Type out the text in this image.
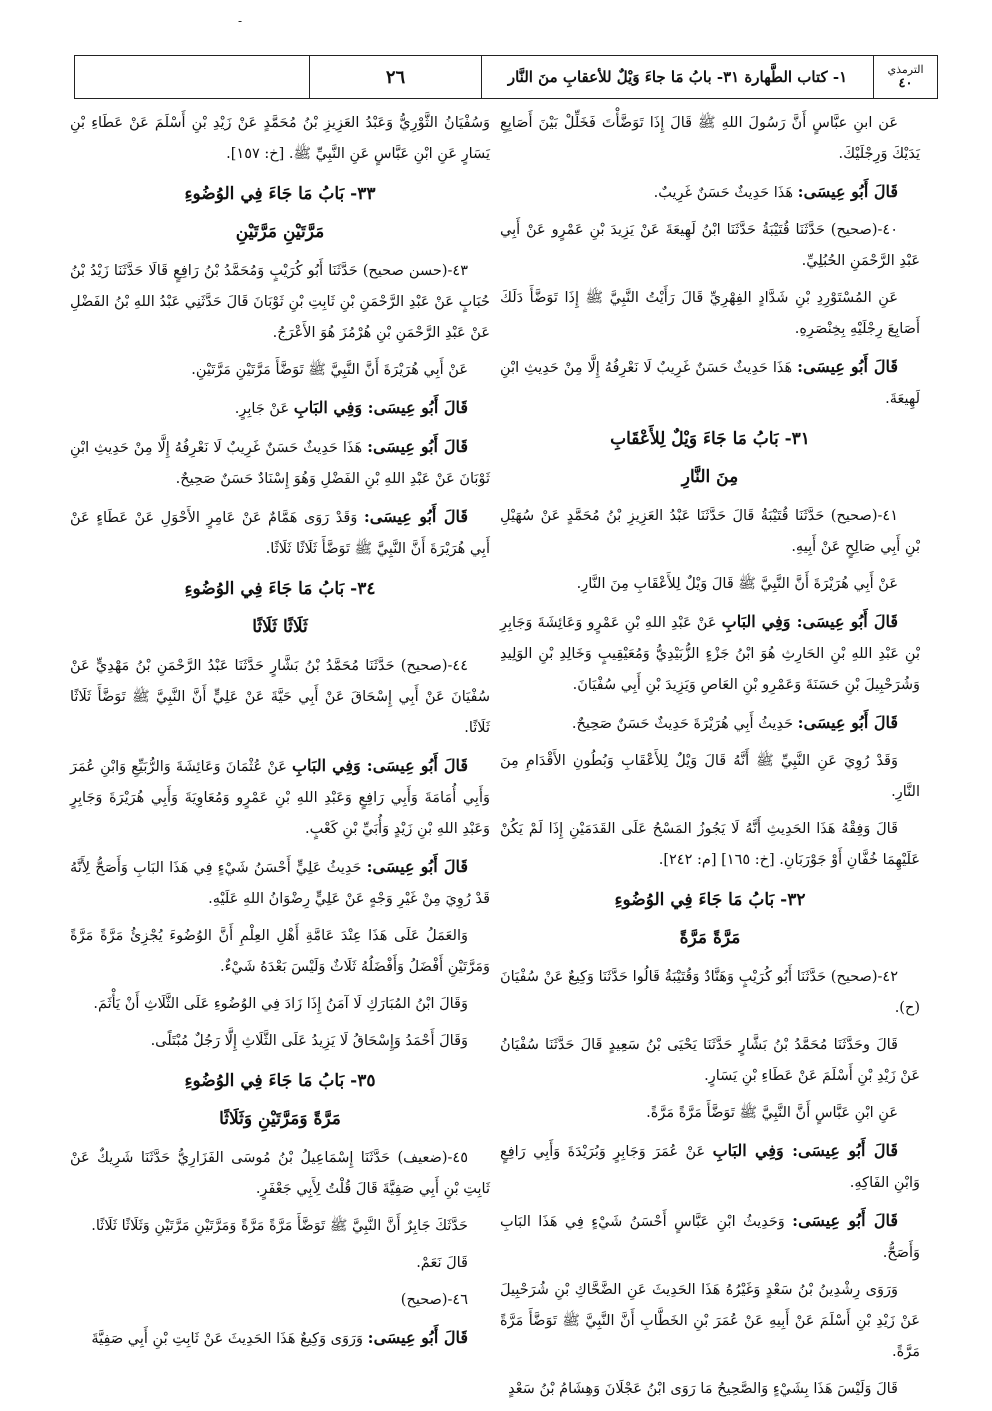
-
الترمذي
٤٠
١- كتاب الطَّهارة ٣١- بابُ مَا جاءَ وَيْلٌ للأعقابِ منَ النَّار
٢٦

عَن ابنِ عبَّاسٍ أَنَّ رَسُولَ اللهِ ﷺ قَالَ إِذَا تَوَضَّأْتَ فَخَلِّلْ بَيْنَ أَصَابِعِ يَدَيْكَ وَرِجْلَيْكَ.

قَالَ أَبُو عِيسَى: هَذَا حَدِيثٌ حَسَنٌ غَرِيبٌ.

٤٠-(صحيح) حَدَّثَنَا قُتَيْبَةُ حَدَّثَنَا ابْنُ لَهِيعَةَ عَنْ يَزِيدَ بْنِ عَمْرٍو عَنْ أَبِي عَبْدِ الرَّحْمَنِ الحُبُلِيِّ.

عَنِ المُسْتَوْرِدِ بْنِ شَدَّادٍ الفِهْرِيِّ قَالَ رَأَيْتُ النَّبِيَّ ﷺ إِذَا تَوَضَّأَ دَلَكَ أَصَابِعَ رِجْلَيْهِ بِخِنْصَرِهِ.

قَالَ أَبُو عِيسَى: هَذَا حَدِيثٌ حَسَنٌ غَرِيبٌ لَا نَعْرِفُهُ إِلَّا مِنْ حَدِيثِ ابْنِ لَهِيعَةَ.

٣١- بَابُ مَا جَاءَ وَيْلٌ لِلأَعْقَابِ
مِنَ النَّارِ

٤١-(صحيح) حَدَّثَنَا قُتَيْبَةُ قَالَ حَدَّثَنَا عَبْدُ العَزِيزِ بْنُ مُحَمَّدٍ عَنْ سُهَيْلِ بْنِ أَبِي صَالِحٍ عَنْ أَبِيهِ.

عَنْ أَبِي هُرَيْرَةَ أَنَّ النَّبِيَّ ﷺ قَالَ وَيْلٌ لِلأَعْقَابِ مِنَ النَّارِ.

قَالَ أَبُو عِيسَى: وَفِي البَابِ عَنْ عَبْدِ اللهِ بْنِ عَمْرٍو وَعَائِشَةَ وَجَابِرِ بْنِ عَبْدِ اللهِ بْنِ الحَارِثِ هُوَ ابْنُ جَزْءٍ الزُّبَيْدِيُّ وَمُعَيْقِيبٍ وَخَالِدِ بْنِ الوَلِيدِ وَشُرَحْبِيلَ بْنِ حَسَنَةَ وَعَمْرِو بْنِ العَاصِ وَيَزِيدَ بْنِ أَبِي سُفْيَانَ.

قَالَ أَبُو عِيسَى: حَدِيثُ أَبِي هُرَيْرَةَ حَدِيثٌ حَسَنٌ صَحِيحٌ.

وَقَدْ رُوِيَ عَنِ النَّبِيِّ ﷺ أَنَّهُ قَالَ وَيْلٌ لِلأَعْقَابِ وَبُطُونِ الأَقْدَامِ مِنَ النَّارِ.

قَالَ وَفِقْهُ هَذَا الحَدِيثِ أَنَّهُ لَا يَجُوزُ المَسْحُ عَلَى القَدَمَيْنِ إِذَا لَمْ يَكُنْ عَلَيْهِمَا خُفَّانِ أَوْ جَوْرَبَانِ. [خ: ١٦٥] [م: ٢٤٢].

٣٢- بَابُ مَا جَاءَ فِي الوُضُوءِ
مَرَّةً مَرَّةً

٤٢-(صحيح) حَدَّثَنَا أَبُو كُرَيْبٍ وَهَنَّادٌ وَقُتَيْبَةُ قَالُوا حَدَّثَنَا وَكِيعٌ عَنْ سُفْيَانَ (ح).

قَالَ وحَدَّثَنَا مُحَمَّدُ بْنُ بَشَّارٍ حَدَّثَنَا يَحْيَى بْنُ سَعِيدٍ قَالَ حَدَّثَنَا سُفْيَانُ عَنْ زَيْدِ بْنِ أَسْلَمَ عَنْ عَطَاءِ بْنِ يَسَارٍ.

عَنِ ابْنِ عَبَّاسٍ أَنَّ النَّبِيَّ ﷺ تَوَضَّأَ مَرَّةً مَرَّةً.

قَالَ أَبُو عِيسَى: وَفِي البَابِ عَنْ عُمَرَ وَجَابِرٍ وَبُرَيْدَةَ وَأَبِي رَافِعٍ وَابْنِ الفَاكِهِ.

قَالَ أَبُو عِيسَى: وَحَدِيثُ ابْنِ عَبَّاسٍ أَحْسَنُ شَيْءٍ فِي هَذَا البَابِ وَأَصَحُّ.

وَرَوَى رِشْدِينُ بْنُ سَعْدٍ وَغَيْرُهُ هَذَا الحَدِيثَ عَنِ الضَّحَّاكِ بْنِ شُرَحْبِيلَ عَنْ زَيْدِ بْنِ أَسْلَمَ عَنْ أَبِيهِ عَنْ عُمَرَ بْنِ الخَطَّابِ أَنَّ النَّبِيَّ ﷺ تَوَضَّأَ مَرَّةً مَرَّةً.

قَالَ وَلَيْسَ هَذَا بِشَيْءٍ وَالصَّحِيحُ مَا رَوَى ابْنُ عَجْلَانَ وَهِشَامُ بْنُ سَعْدٍ

وَسُفْيَانُ الثَّوْرِيُّ وَعَبْدُ العَزِيزِ بْنُ مُحَمَّدٍ عَنْ زَيْدِ بْنِ أَسْلَمَ عَنْ عَطَاءِ بْنِ يَسَارٍ عَنِ ابْنِ عَبَّاسٍ عَنِ النَّبِيِّ ﷺ. [خ: ١٥٧].

٣٣- بَابُ مَا جَاءَ فِي الوُضُوءِ
مَرَّتَيْنِ مَرَّتَيْنِ

٤٣-(حسن صحيح) حَدَّثَنَا أَبُو كُرَيْبٍ وَمُحَمَّدُ بْنُ رَافِعٍ قَالَا حَدَّثَنَا زَيْدُ بْنُ حُبَابٍ عَنْ عَبْدِ الرَّحْمَنِ بْنِ ثَابِتِ بْنِ ثَوْبَانَ قَالَ حَدَّثَنِي عَبْدُ اللهِ بْنُ الفَضْلِ عَنْ عَبْدِ الرَّحْمَنِ بْنِ هُرْمُزَ هُوَ الأَعْرَجُ.

عَنْ أَبِي هُرَيْرَةَ أَنَّ النَّبِيَّ ﷺ تَوَضَّأَ مَرَّتَيْنِ مَرَّتَيْنِ.

قَالَ أَبُو عِيسَى: وَفِي البَابِ عَنْ جَابِرٍ.

قَالَ أَبُو عِيسَى: هَذَا حَدِيثٌ حَسَنٌ غَرِيبٌ لَا نَعْرِفُهُ إِلَّا مِنْ حَدِيثِ ابْنِ ثَوْبَانَ عَنْ عَبْدِ اللهِ بْنِ الفَضْلِ وَهُوَ إِسْنَادٌ حَسَنٌ صَحِيحٌ.

قَالَ أَبُو عِيسَى: وَقَدْ رَوَى هَمَّامٌ عَنْ عَامِرٍ الأَحْوَلِ عَنْ عَطَاءٍ عَنْ أَبِي هُرَيْرَةَ أَنَّ النَّبِيَّ ﷺ تَوَضَّأَ ثَلَاثًا ثَلَاثًا.

٣٤- بَابُ مَا جَاءَ فِي الوُضُوءِ
ثَلَاثًا ثَلَاثًا

٤٤-(صحيح) حَدَّثَنَا مُحَمَّدُ بْنُ بَشَّارٍ حَدَّثَنَا عَبْدُ الرَّحْمَنِ بْنُ مَهْدِيٍّ عَنْ سُفْيَانَ عَنْ أَبِي إِسْحَاقَ عَنْ أَبِي حَيَّةَ عَنْ عَلِيٍّ أَنَّ النَّبِيَّ ﷺ تَوَضَّأَ ثَلَاثًا ثَلَاثًا.

قَالَ أَبُو عِيسَى: وَفِي البَابِ عَنْ عُثْمَانَ وَعَائِشَةَ وَالرُّبَيِّعِ وَابْنِ عُمَرَ وَأَبِي أُمَامَةَ وَأَبِي رَافِعٍ وَعَبْدِ اللهِ بْنِ عَمْرٍو وَمُعَاوِيَةَ وَأَبِي هُرَيْرَةَ وَجَابِرٍ وَعَبْدِ اللهِ بْنِ زَيْدٍ وَأُبَيِّ بْنِ كَعْبٍ.

قَالَ أَبُو عِيسَى: حَدِيثُ عَلِيٍّ أَحْسَنُ شَيْءٍ فِي هَذَا البَابِ وَأَصَحُّ لِأَنَّهُ قَدْ رُوِيَ مِنْ غَيْرِ وَجْهٍ عَنْ عَلِيٍّ رِضْوَانُ اللهِ عَلَيْهِ.

وَالعَمَلُ عَلَى هَذَا عِنْدَ عَامَّةِ أَهْلِ العِلْمِ أَنَّ الوُضُوءَ يُجْزِئُ مَرَّةً مَرَّةً وَمَرَّتَيْنِ أَفْضَلُ وَأَفْضَلُهُ ثَلَاثٌ وَلَيْسَ بَعْدَهُ شَيْءٌ.

وَقَالَ ابْنُ المُبَارَكِ لَا آمَنُ إِذَا زَادَ فِي الوُضُوءِ عَلَى الثَّلَاثِ أَنْ يَأْثَمَ.

وَقَالَ أَحْمَدُ وَإِسْحَاقُ لَا يَزِيدُ عَلَى الثَّلَاثِ إِلَّا رَجُلٌ مُبْتَلًى.

٣٥- بَابُ مَا جَاءَ فِي الوُضُوءِ
مَرَّةً وَمَرَّتَيْنِ وَثَلَاثًا

٤٥-(ضعيف) حَدَّثَنَا إِسْمَاعِيلُ بْنُ مُوسَى الفَزَارِيُّ حَدَّثَنَا شَرِيكٌ عَنْ ثَابِتِ بْنِ أَبِي صَفِيَّةَ قَالَ قُلْتُ لِأَبِي جَعْفَرٍ.

حَدَّثَكَ جَابِرٌ أَنَّ النَّبِيَّ ﷺ تَوَضَّأَ مَرَّةً مَرَّةً وَمَرَّتَيْنِ مَرَّتَيْنِ وَثَلَاثًا ثَلَاثًا.

قَالَ نَعَمْ.

٤٦-(صحيح)

قَالَ أَبُو عِيسَى: وَرَوَى وَكِيعٌ هَذَا الحَدِيثَ عَنْ ثَابِتِ بْنِ أَبِي صَفِيَّةَ
